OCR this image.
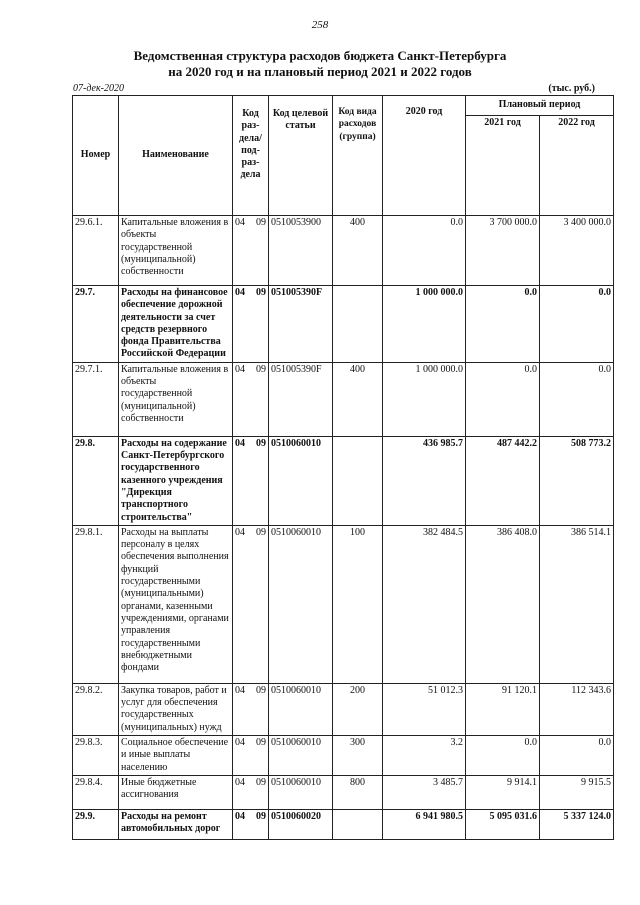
258
Ведомственная структура расходов бюджета Санкт-Петербурга
на 2020 год и на плановый период 2021 и 2022 годов
07-дек-2020	(тыс. руб.)
Номер	Наименование	Код раз-дела/ под-раз-дела	Код целевой статьи	Код вида расходов (группа)	2020 год	Плановый период	
						2021 год	2022 год
29.6.1.	Капитальные вложения в объекты государственной (муниципальной) собственности	04 09	0510053900	400	0.0	3 700 000.0	3 400 000.0
29.7.	Расходы на финансовое обеспечение дорожной деятельности за счет средств резервного фонда Правительства Российской Федерации	04 09	051005390F		1 000 000.0	0.0	0.0
29.7.1.	Капитальные вложения в объекты государственной (муниципальной) собственности	04 09	051005390F	400	1 000 000.0	0.0	0.0
29.8.	Расходы на содержание Санкт-Петербургского государственного казенного учреждения "Дирекция транспортного строительства"	04 09	0510060010		436 985.7	487 442.2	508 773.2
29.8.1.	Расходы на выплаты персоналу в целях обеспечения выполнения функций государственными (муниципальными) органами, казенными учреждениями, органами управления государственными внебюджетными фондами	04 09	0510060010	100	382 484.5	386 408.0	386 514.1
29.8.2.	Закупка товаров, работ и услуг для обеспечения государственных (муниципальных) нужд	04 09	0510060010	200	51 012.3	91 120.1	112 343.6
29.8.3.	Социальное обеспечение и иные выплаты населению	04 09	0510060010	300	3.2	0.0	0.0
29.8.4.	Иные бюджетные ассигнования	04 09	0510060010	800	3 485.7	9 914.1	9 915.5
29.9.	Расходы на ремонт автомобильных дорог	04 09	0510060020		6 941 980.5	5 095 031.6	5 337 124.0
